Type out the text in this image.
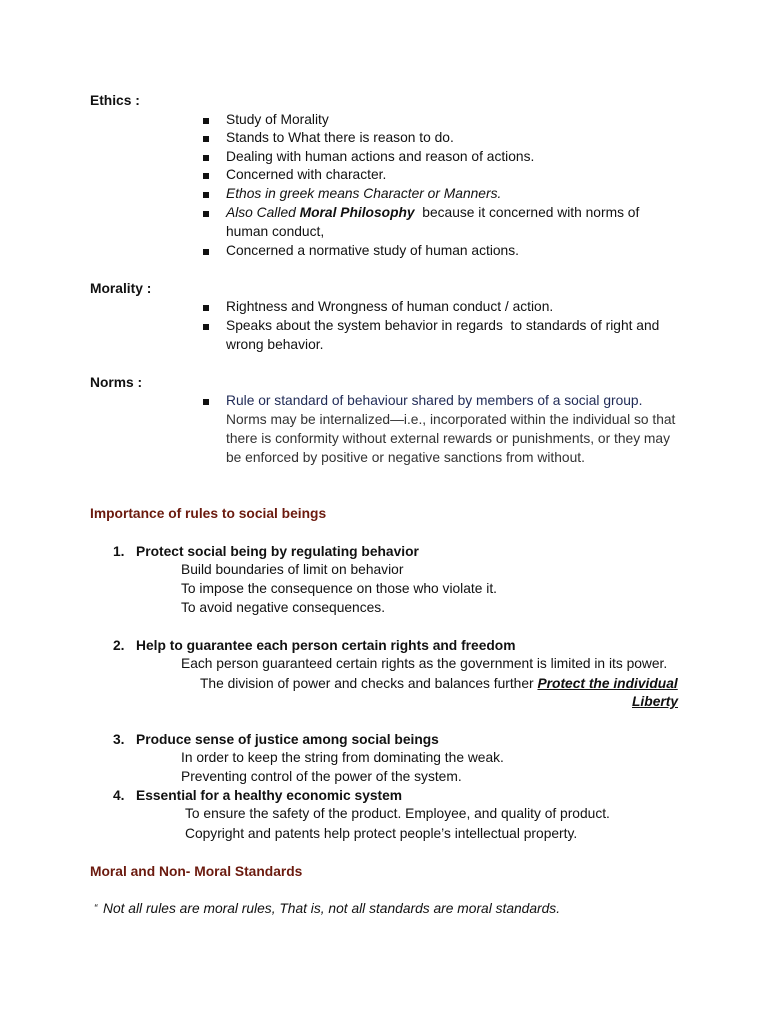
Ethics :
Study of Morality
Stands to What there is reason to do.
Dealing with human actions and reason of actions.
Concerned with character.
Ethos in greek means Character or Manners.
Also Called Moral Philosophy  because it concerned with norms of
human conduct,
Concerned a normative study of human actions.
Morality :
Rightness and Wrongness of human conduct / action.
Speaks about the system behavior in regards  to standards of right and
wrong behavior.
Norms :
Rule or standard of behaviour shared by members of a social group.
Norms may be internalized—i.e., incorporated within the individual so that
there is conformity without external rewards or punishments, or they may
be enforced by positive or negative sanctions from without.
Importance of rules to social beings
1. Protect social being by regulating behavior
Build boundaries of limit on behavior
To impose the consequence on those who violate it.
To avoid negative consequences.
2. Help to guarantee each person certain rights and freedom
Each person guaranteed certain rights as the government is limited in its power.
The division of power and checks and balances further Protect the individual
Liberty
3. Produce sense of justice among social beings
In order to keep the string from dominating the weak.
Preventing control of the power of the system.
4. Essential for a healthy economic system
To ensure the safety of the product. Employee, and quality of product.
Copyright and patents help protect people’s intellectual property.
Moral and Non- Moral Standards
“ Not all rules are moral rules, That is, not all standards are moral standards.
